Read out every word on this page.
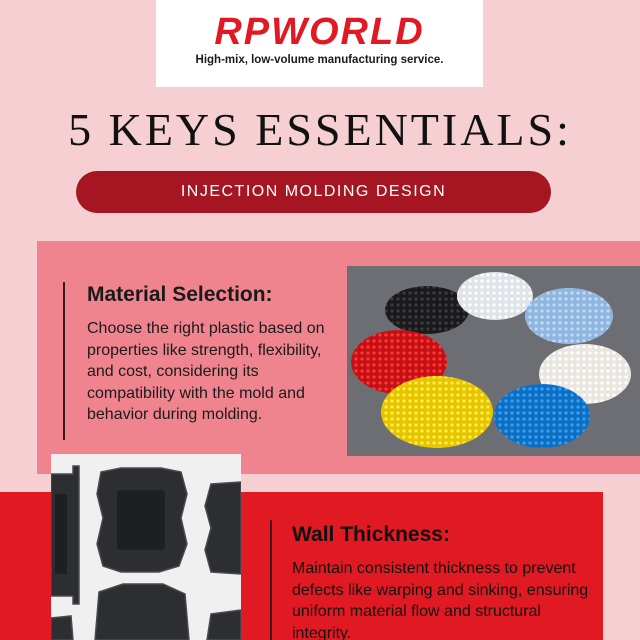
RPWORLD
High-mix, low-volume manufacturing service.
5 KEYS ESSENTIALS:
INJECTION MOLDING DESIGN
Material Selection:
Choose the right plastic based on properties like strength, flexibility, and cost, considering its compatibility with the mold and behavior during molding.
Wall Thickness:
Maintain consistent thickness to prevent defects like warping and sinking, ensuring uniform material flow and structural integrity.
